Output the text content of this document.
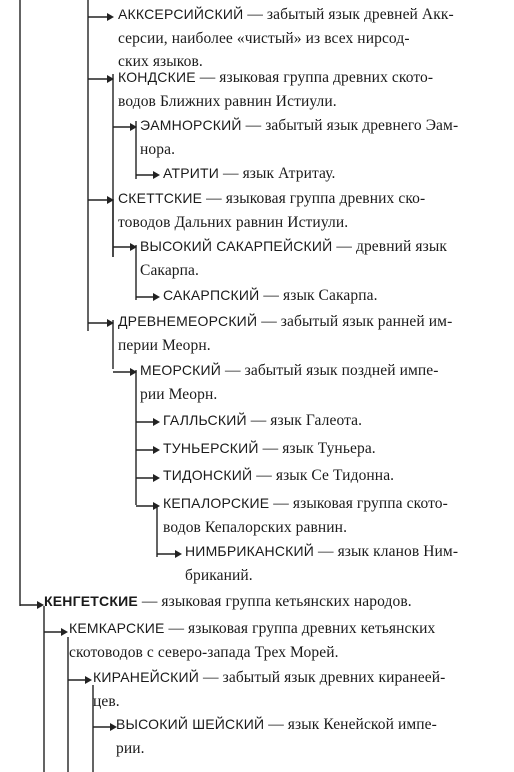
АККСЕРСИЙСКИЙ — забытый язык древней Акк-
серсии, наиболее «чистый» из всех нирсод-
ских языков.
КОНДСКИЕ — языковая группа древних ското-
водов Ближних равнин Истиули.
ЭАМНОРСКИЙ — забытый язык древнего Эам-
нора.
АТРИТИ — язык Атритау.
СКЕТТСКИЕ — языковая группа древних ско-
товодов Дальних равнин Истиули.
ВЫСОКИЙ САКАРПЕЙСКИЙ — древний язык
Сакарпа.
САКАРПСКИЙ — язык Сакарпа.
ДРЕВНЕМЕОРСКИЙ — забытый язык ранней им-
перии Меорн.
МЕОРСКИЙ — забытый язык поздней импе-
рии Меорн.
ГАЛЛЬСКИЙ — язык Галеота.
ТУНЬЕРСКИЙ — язык Туньера.
ТИДОНСКИЙ — язык Се Тидонна.
КЕПАЛОРСКИЕ — языковая группа ското-
водов Кепалорских равнин.
НИМБРИКАНСКИЙ — язык кланов Ним-
бриканий.
КЕНГЕТСКИЕ — языковая группа кетьянских народов.
КЕМКАРСКИЕ — языковая группа древних кетьянских
скотоводов с северо-запада Трех Морей.
КИРАНЕЙСКИЙ — забытый язык древних киранеей-
цев.
ВЫСОКИЙ ШЕЙСКИЙ — язык Кенейской импе-
рии.
